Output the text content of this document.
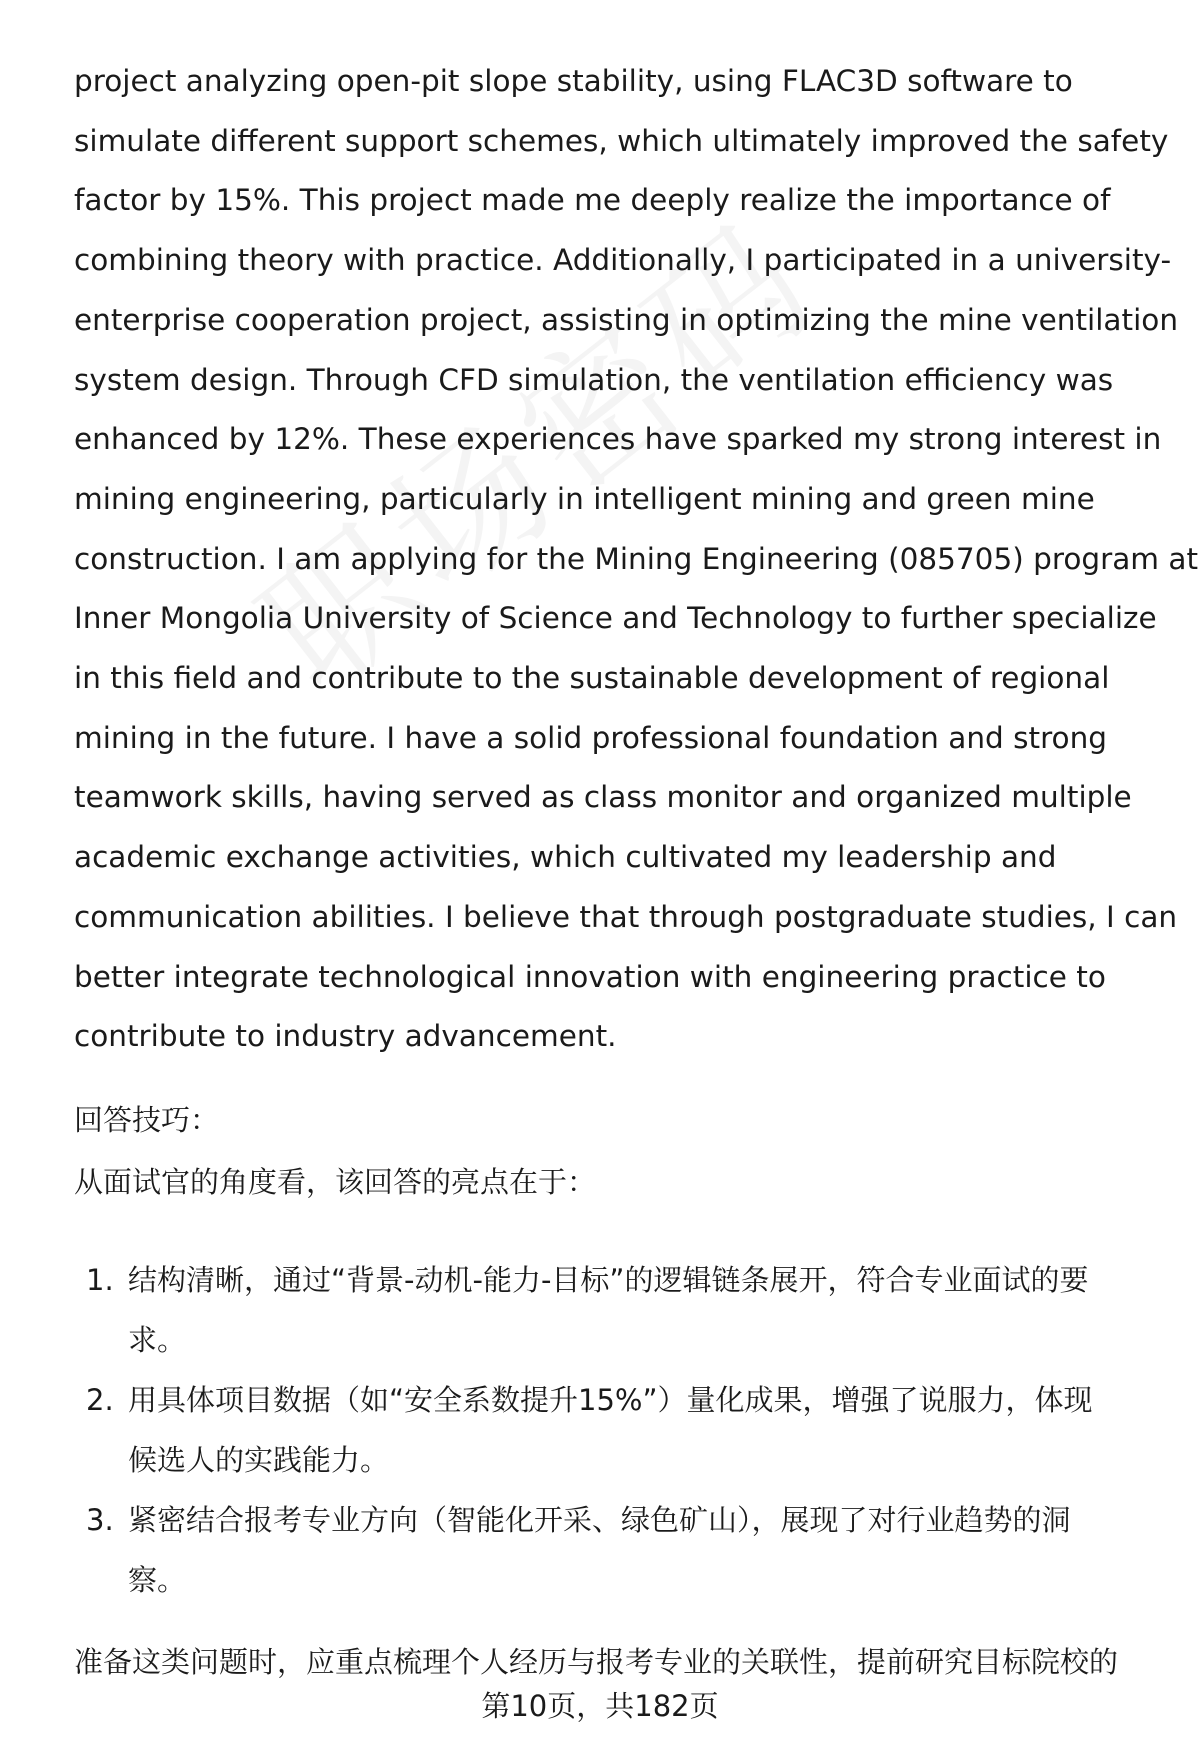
project analyzing open-pit slope stability, using FLAC3D software to
simulate different support schemes, which ultimately improved the safety
factor by 15%. This project made me deeply realize the importance of
combining theory with practice. Additionally, I participated in a university-
enterprise cooperation project, assisting in optimizing the mine ventilation
system design. Through CFD simulation, the ventilation efficiency was
enhanced by 12%. These experiences have sparked my strong interest in
mining engineering, particularly in intelligent mining and green mine
construction. I am applying for the Mining Engineering (085705) program at
Inner Mongolia University of Science and Technology to further specialize
in this field and contribute to the sustainable development of regional
mining in the future. I have a solid professional foundation and strong
teamwork skills, having served as class monitor and organized multiple
academic exchange activities, which cultivated my leadership and
communication abilities. I believe that through postgraduate studies, I can
better integrate technological innovation with engineering practice to
contribute to industry advancement.

回答技巧：

从面试官的角度看，该回答的亮点在于：

1. 结构清晰，通过“背景-动机-能力-目标”的逻辑链条展开，符合专业面试的要
求。
2. 用具体项目数据（如“安全系数提升15%”）量化成果，增强了说服力，体现
候选人的实践能力。
3. 紧密结合报考专业方向（智能化开采、绿色矿山），展现了对行业趋势的洞
察。

准备这类问题时，应重点梳理个人经历与报考专业的关联性，提前研究目标院校的

第10页，共182页
